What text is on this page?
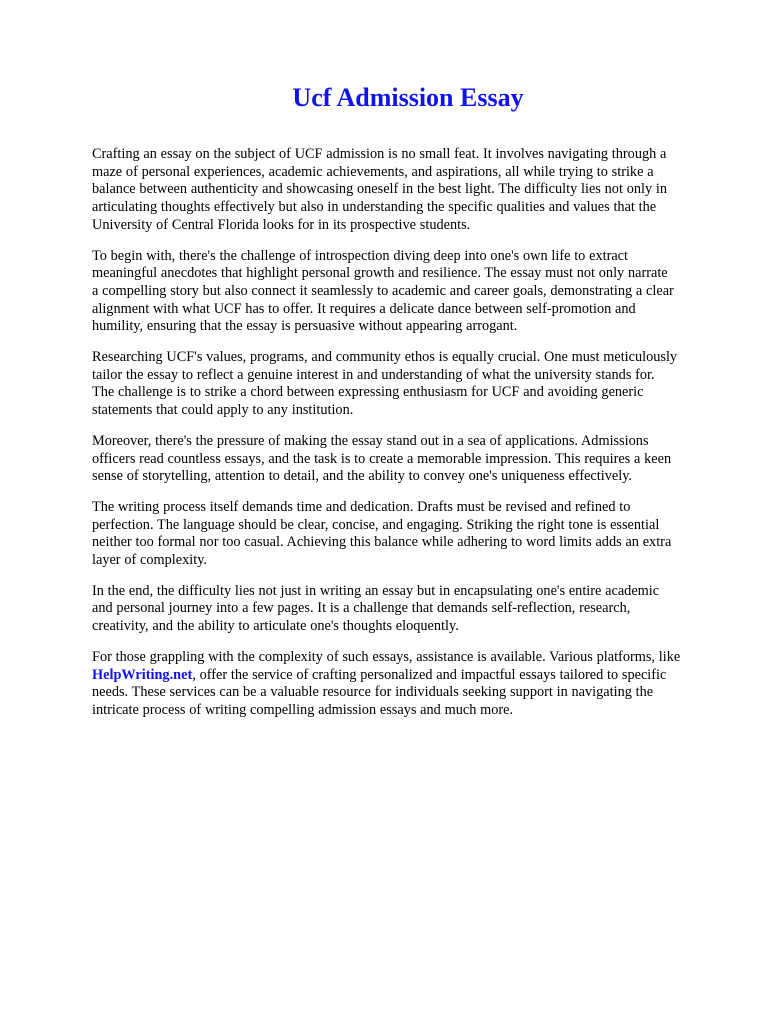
Ucf Admission Essay

Crafting an essay on the subject of UCF admission is no small feat. It involves navigating through a
maze of personal experiences, academic achievements, and aspirations, all while trying to strike a
balance between authenticity and showcasing oneself in the best light. The difficulty lies not only in
articulating thoughts effectively but also in understanding the specific qualities and values that the
University of Central Florida looks for in its prospective students.

To begin with, there's the challenge of introspection diving deep into one's own life to extract
meaningful anecdotes that highlight personal growth and resilience. The essay must not only narrate
a compelling story but also connect it seamlessly to academic and career goals, demonstrating a clear
alignment with what UCF has to offer. It requires a delicate dance between self-promotion and
humility, ensuring that the essay is persuasive without appearing arrogant.

Researching UCF's values, programs, and community ethos is equally crucial. One must meticulously
tailor the essay to reflect a genuine interest in and understanding of what the university stands for.
The challenge is to strike a chord between expressing enthusiasm for UCF and avoiding generic
statements that could apply to any institution.

Moreover, there's the pressure of making the essay stand out in a sea of applications. Admissions
officers read countless essays, and the task is to create a memorable impression. This requires a keen
sense of storytelling, attention to detail, and the ability to convey one's uniqueness effectively.

The writing process itself demands time and dedication. Drafts must be revised and refined to
perfection. The language should be clear, concise, and engaging. Striking the right tone is essential
neither too formal nor too casual. Achieving this balance while adhering to word limits adds an extra
layer of complexity.

In the end, the difficulty lies not just in writing an essay but in encapsulating one's entire academic
and personal journey into a few pages. It is a challenge that demands self-reflection, research,
creativity, and the ability to articulate one's thoughts eloquently.

For those grappling with the complexity of such essays, assistance is available. Various platforms, like
HelpWriting.net, offer the service of crafting personalized and impactful essays tailored to specific
needs. These services can be a valuable resource for individuals seeking support in navigating the
intricate process of writing compelling admission essays and much more.
